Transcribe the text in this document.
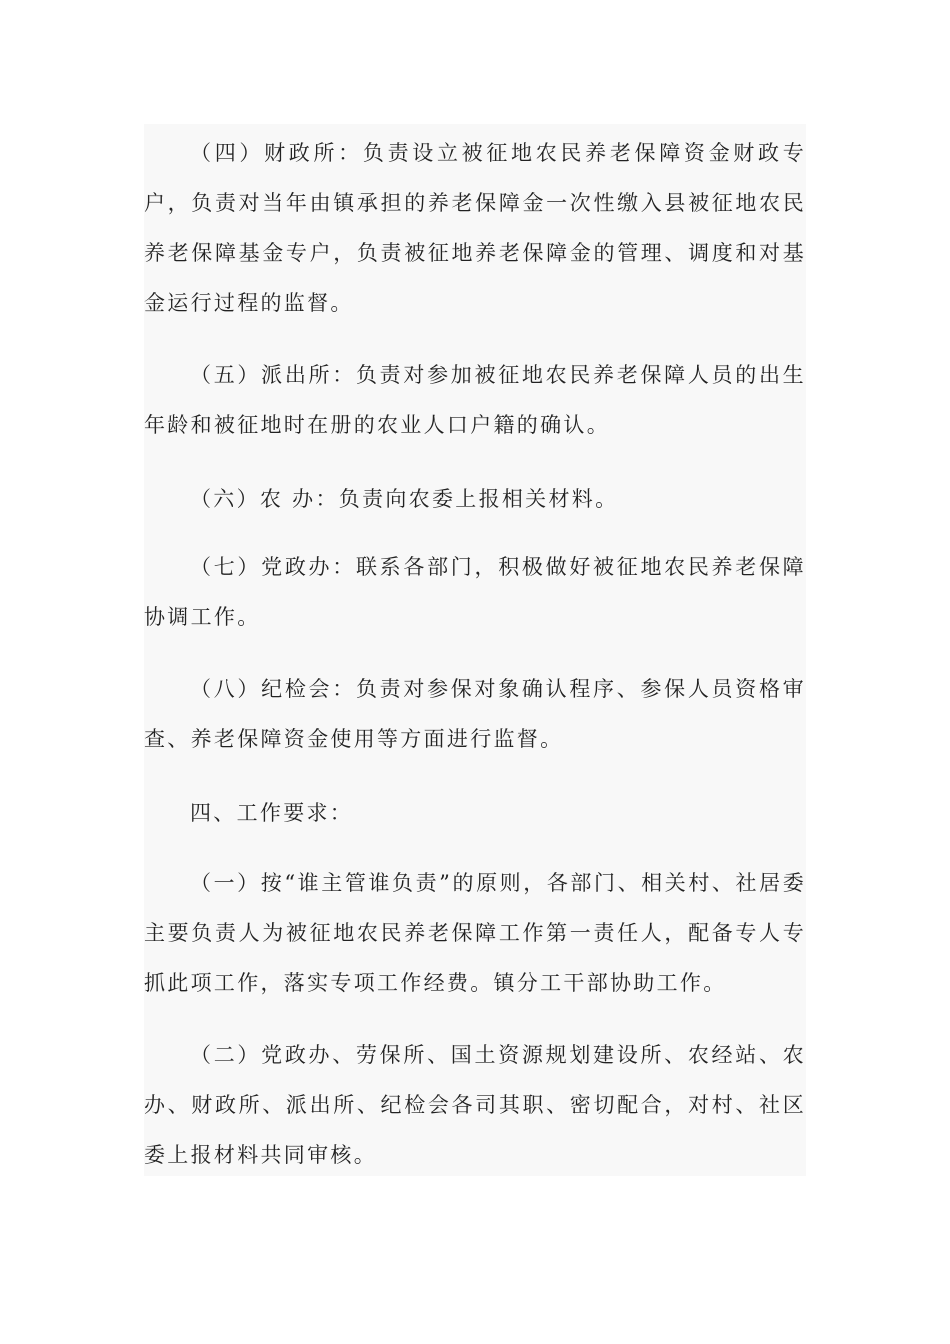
（四）财政所：负责设立被征地农民养老保障资金财政专户，负责对当年由镇承担的养老保障金一次性缴入县被征地农民养老保障基金专户，负责被征地养老保障金的管理、调度和对基金运行过程的监督。

（五）派出所：负责对参加被征地农民养老保障人员的出生年龄和被征地时在册的农业人口户籍的确认。

（六）农 办：负责向农委上报相关材料。

（七）党政办：联系各部门，积极做好被征地农民养老保障协调工作。

（八）纪检会：负责对参保对象确认程序、参保人员资格审查、养老保障资金使用等方面进行监督。

四、工作要求：

（一）按“谁主管谁负责”的原则，各部门、相关村、社居委主要负责人为被征地农民养老保障工作第一责任人，配备专人专抓此项工作，落实专项工作经费。镇分工干部协助工作。

（二）党政办、劳保所、国土资源规划建设所、农经站、农办、财政所、派出所、纪检会各司其职、密切配合，对村、社区委上报材料共同审核。
